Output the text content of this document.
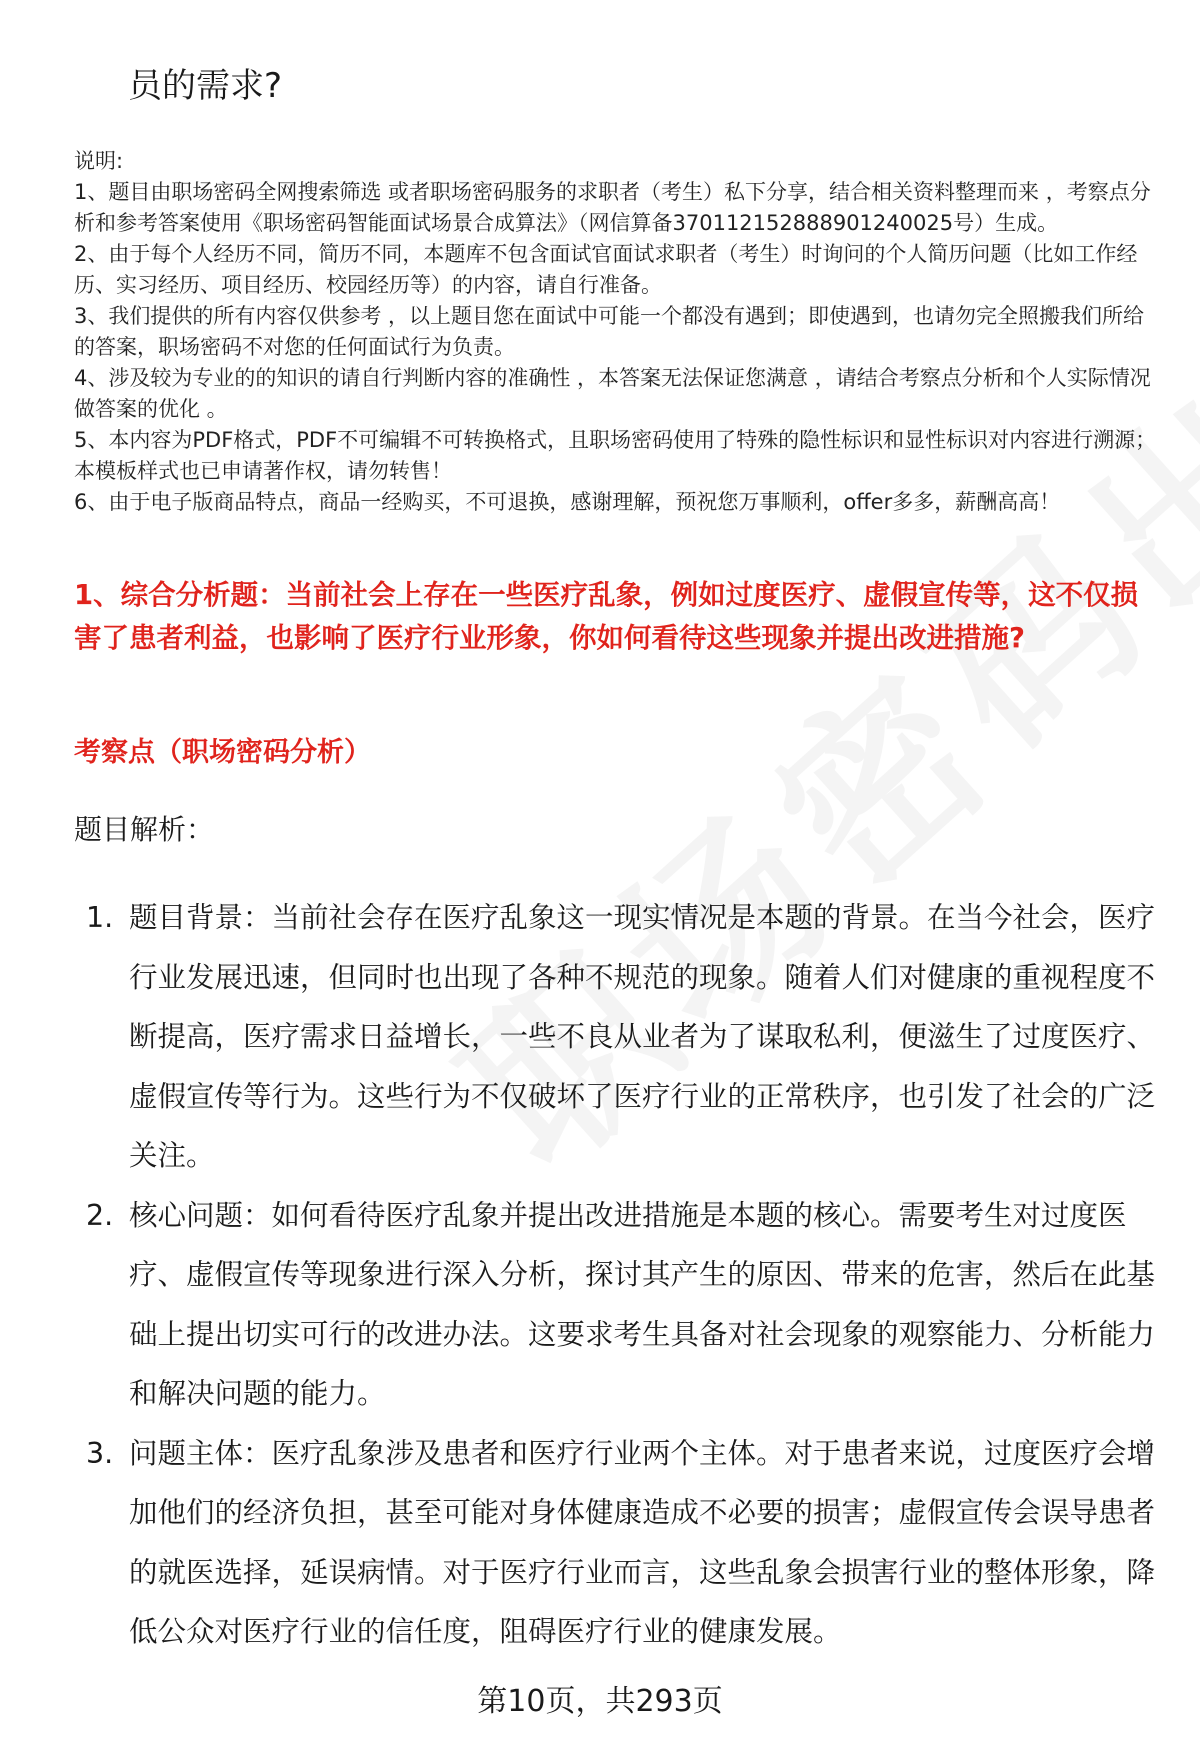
员的需求?

说明:

1、题目由职场密码全网搜索筛选 或者职场密码服务的求职者（考生）私下分享，结合相关资料整理而来 ，考察点分析和参考答案使用《职场密码智能面试场景合成算法》（网信算备370112152888901240025号）生成。

2、由于每个人经历不同，简历不同，本题库不包含面试官面试求职者（考生）时询问的个人简历问题（比如工作经历、实习经历、项目经历、校园经历等）的内容，请自行准备。

3、我们提供的所有内容仅供参考 ，以上题目您在面试中可能一个都没有遇到；即使遇到，也请勿完全照搬我们所给的答案，职场密码不对您的任何面试行为负责。

4、涉及较为专业的的知识的请自行判断内容的准确性 ，本答案无法保证您满意 ，请结合考察点分析和个人实际情况做答案的优化 。

5、本内容为PDF格式，PDF不可编辑不可转换格式，且职场密码使用了特殊的隐性标识和显性标识对内容进行溯源；本模板样式也已申请著作权，请勿转售！

6、由于电子版商品特点，商品一经购买，不可退换，感谢理解，预祝您万事顺利，offer多多，薪酬高高！

1、综合分析题：当前社会上存在一些医疗乱象，例如过度医疗、虚假宣传等，这不仅损害了患者利益，也影响了医疗行业形象，你如何看待这些现象并提出改进措施?
考察点（职场密码分析）
题目解析：
1. 题目背景：当前社会存在医疗乱象这一现实情况是本题的背景。在当今社会，医疗行业发展迅速，但同时也出现了各种不规范的现象。随着人们对健康的重视程度不断提高，医疗需求日益增长，一些不良从业者为了谋取私利，便滋生了过度医疗、虚假宣传等行为。这些行为不仅破坏了医疗行业的正常秩序，也引发了社会的广泛关注。
2. 核心问题：如何看待医疗乱象并提出改进措施是本题的核心。需要考生对过度医疗、虚假宣传等现象进行深入分析，探讨其产生的原因、带来的危害，然后在此基础上提出切实可行的改进办法。这要求考生具备对社会现象的观察能力、分析能力和解决问题的能力。
3. 问题主体：医疗乱象涉及患者和医疗行业两个主体。对于患者来说，过度医疗会增加他们的经济负担，甚至可能对身体健康造成不必要的损害；虚假宣传会误导患者的就医选择，延误病情。对于医疗行业而言，这些乱象会损害行业的整体形象，降低公众对医疗行业的信任度，阻碍医疗行业的健康发展。
第10页，共293页
